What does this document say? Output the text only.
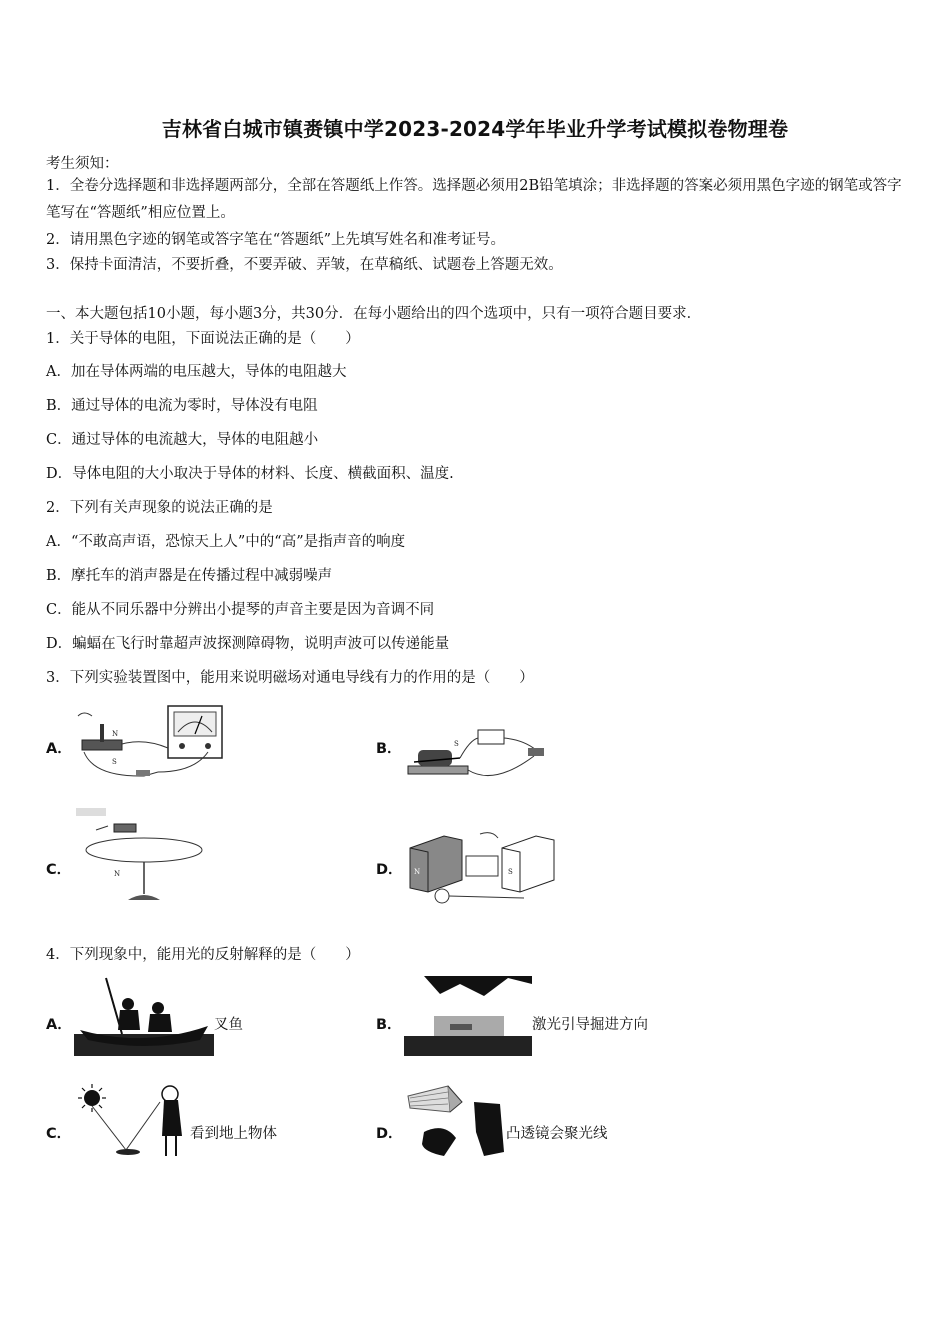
吉林省白城市镇赉镇中学2023-2024学年毕业升学考试模拟卷物理卷
考生须知：
1．全卷分选择题和非选择题两部分，全部在答题纸上作答。选择题必须用2B铅笔填涂；非选择题的答案必须用黑色字迹的钢笔或答字笔写在“答题纸”相应位置上。
2．请用黑色字迹的钢笔或答字笔在“答题纸”上先填写姓名和准考证号。
3．保持卡面清洁，不要折叠，不要弄破、弄皱，在草稿纸、试题卷上答题无效。
一、本大题包括10小题，每小题3分，共30分．在每小题给出的四个选项中，只有一项符合题目要求．
1．关于导体的电阻，下面说法正确的是（　　）
A．加在导体两端的电压越大，导体的电阻越大
B．通过导体的电流为零时，导体没有电阻
C．通过导体的电流越大，导体的电阻越小
D．导体电阻的大小取决于导体的材料、长度、横截面积、温度.
2．下列有关声现象的说法正确的是
A．“不敢高声语，恐惊天上人”中的“高”是指声音的响度
B．摩托车的消声器是在传播过程中减弱噪声
C．能从不同乐器中分辨出小提琴的声音主要是因为音调不同
D．蝙蝠在飞行时靠超声波探测障碍物，说明声波可以传递能量
3．下列实验装置图中，能用来说明磁场对通电导线有力的作用的是（　　）
A．
N
S
B．	S
C．	N	D． N	S
4．下列现象中，能用光的反射解释的是（　　）
A．	叉鱼	B．	激光引导掘进方向
C．	看到地上物体	D．	凸透镜会聚光线
